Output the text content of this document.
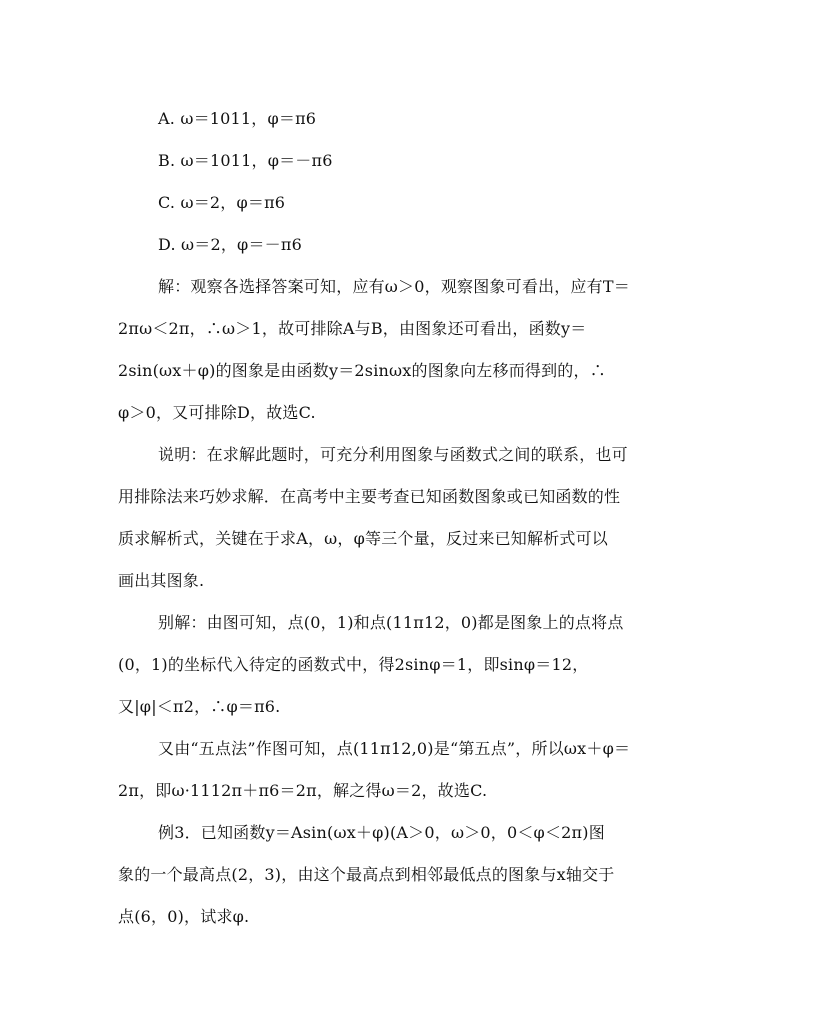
A. ω＝1011，φ＝π6
B. ω＝1011，φ＝－π6
C. ω＝2，φ＝π6
D. ω＝2，φ＝－π6
解：观察各选择答案可知，应有ω＞0，观察图象可看出，应有T＝
2πω＜2π，∴ω＞1，故可排除A与B，由图象还可看出，函数y＝
2sin(ωx＋φ)的图象是由函数y＝2sinωx的图象向左移而得到的，∴
φ＞0，又可排除D，故选C.
说明：在求解此题时，可充分利用图象与函数式之间的联系，也可
用排除法来巧妙求解．在高考中主要考查已知函数图象或已知函数的性
质求解析式，关键在于求A，ω，φ等三个量，反过来已知解析式可以
画出其图象.
别解：由图可知，点(0，1)和点(11π12，0)都是图象上的点将点
(0，1)的坐标代入待定的函数式中，得2sinφ＝1，即sinφ＝12，
又|φ|＜π2，∴φ＝π6.
又由“五点法”作图可知，点(11π12,0)是“第五点”，所以ωx＋φ＝
2π，即ω·1112π＋π6＝2π，解之得ω＝2，故选C.
例3．已知函数y＝Asin(ωx＋φ)(A＞0，ω＞0，0＜φ＜2π)图
象的一个最高点(2，3)，由这个最高点到相邻最低点的图象与x轴交于
点(6，0)，试求φ.
